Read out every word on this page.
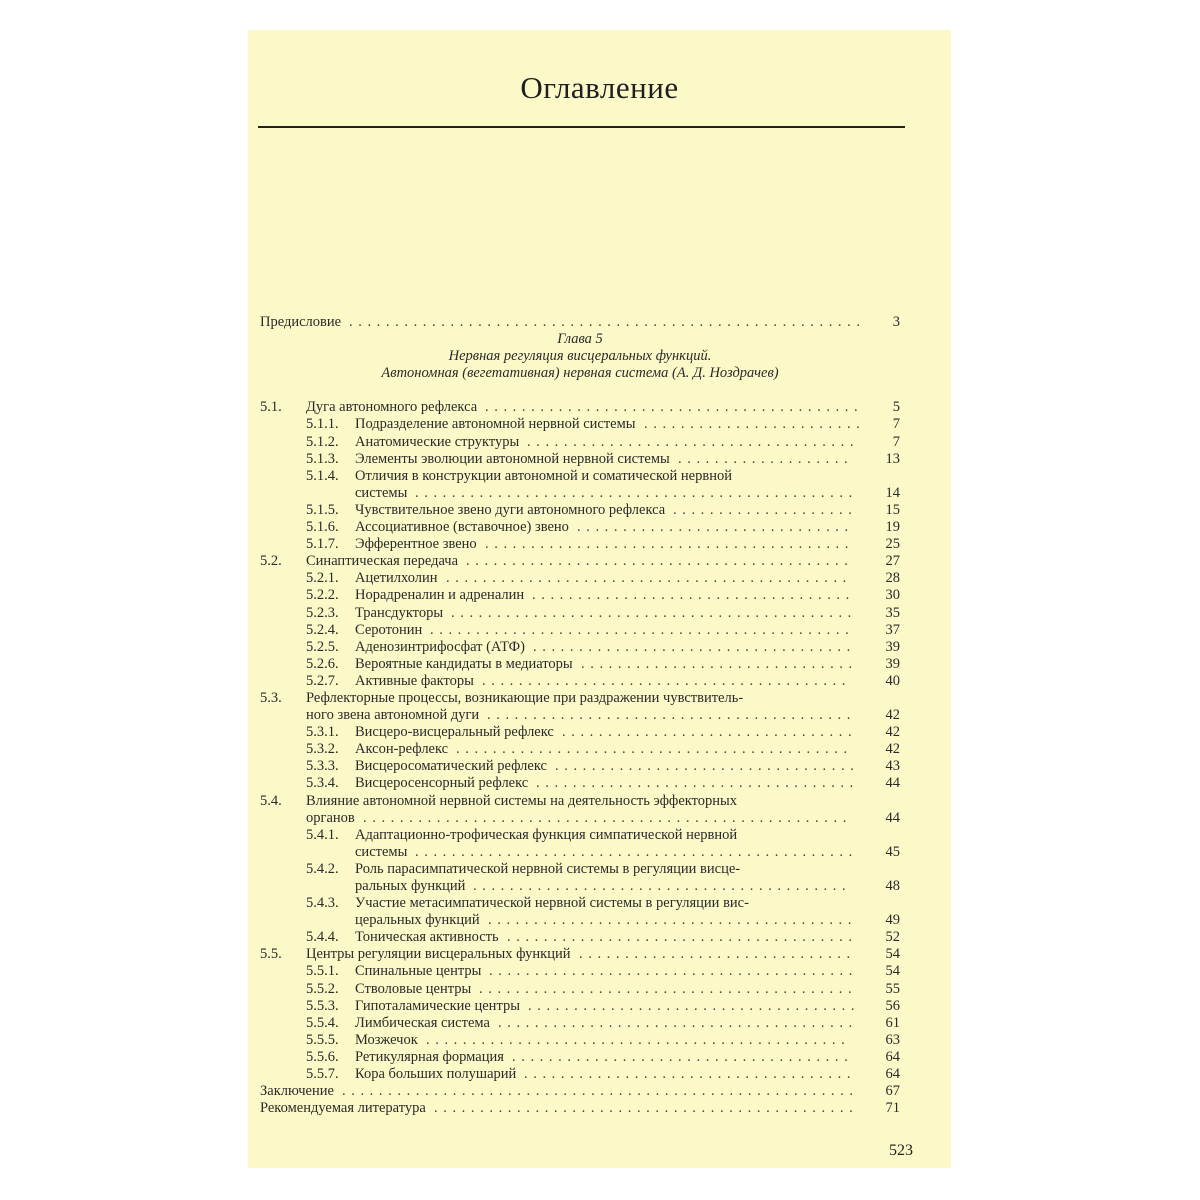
Оглавление
Предисловие ........................................................	3
Глава 5
Нервная регуляция висцеральных функций.
Автономная (вегетативная) нервная система (А. Д. Ноздрачев)
5.1. Дуга автономного рефлекса .........................................	5
5.1.1. Подразделение автономной нервной системы ........................	7
5.1.2. Анатомические структуры ....................................	7
5.1.3. Элементы эволюции автономной нервной системы ...................	13
5.1.4. Отличия в конструкции автономной и соматической нервной
системы ................................................	14
5.1.5. Чувствительное звено дуги автономного рефлекса ....................	15
5.1.6. Ассоциативное (вставочное) звено ..............................	19
5.1.7. Эфферентное звено ........................................	25
5.2. Синаптическая передача ..........................................	27
5.2.1. Ацетилхолин ............................................	28
5.2.2. Норадреналин и адреналин ...................................	30
5.2.3. Трансдукторы ............................................	35
5.2.4. Серотонин ..............................................	37
5.2.5. Аденозинтрифосфат (АТФ) ...................................	39
5.2.6. Вероятные кандидаты в медиаторы ..............................	39
5.2.7. Активные факторы ........................................	40
5.3. Рефлекторные процессы, возникающие при раздражении чувствитель-
ного звена автономной дуги ........................................	42
5.3.1. Висцеро-висцеральный рефлекс ................................	42
5.3.2. Аксон-рефлекс ...........................................	42
5.3.3. Висцеросоматический рефлекс ................................. 43
5.3.4. Висцеросенсорный рефлекс ................................... 44
5.4. Влияние автономной нервной системы на деятельность эффекторных
органов .....................................................	44
5.4.1. Адаптационно-трофическая функция симпатической нервной
системы ................................................	45
5.4.2. Роль парасимпатической нервной системы в регуляции висце-
ральных функций .........................................	48
5.4.3. Участие метасимпатической нервной системы в регуляции вис-
церальных функций ........................................	49
5.4.4. Тоническая активность ......................................	52
5.5. Центры регуляции висцеральных функций ..............................	54
5.5.1. Спинальные центры ........................................	54
5.5.2. Стволовые центры .........................................	55
5.5.3. Гипоталамические центры .................................... 56
5.5.4. Лимбическая система .......................................	61
5.5.5. Мозжечок ..............................................	63
5.5.6. Ретикулярная формация .....................................	64
5.5.7. Кора больших полушарий ....................................	64
Заключение ........................................................	67
Рекомендуемая литература ..............................................	71
523
